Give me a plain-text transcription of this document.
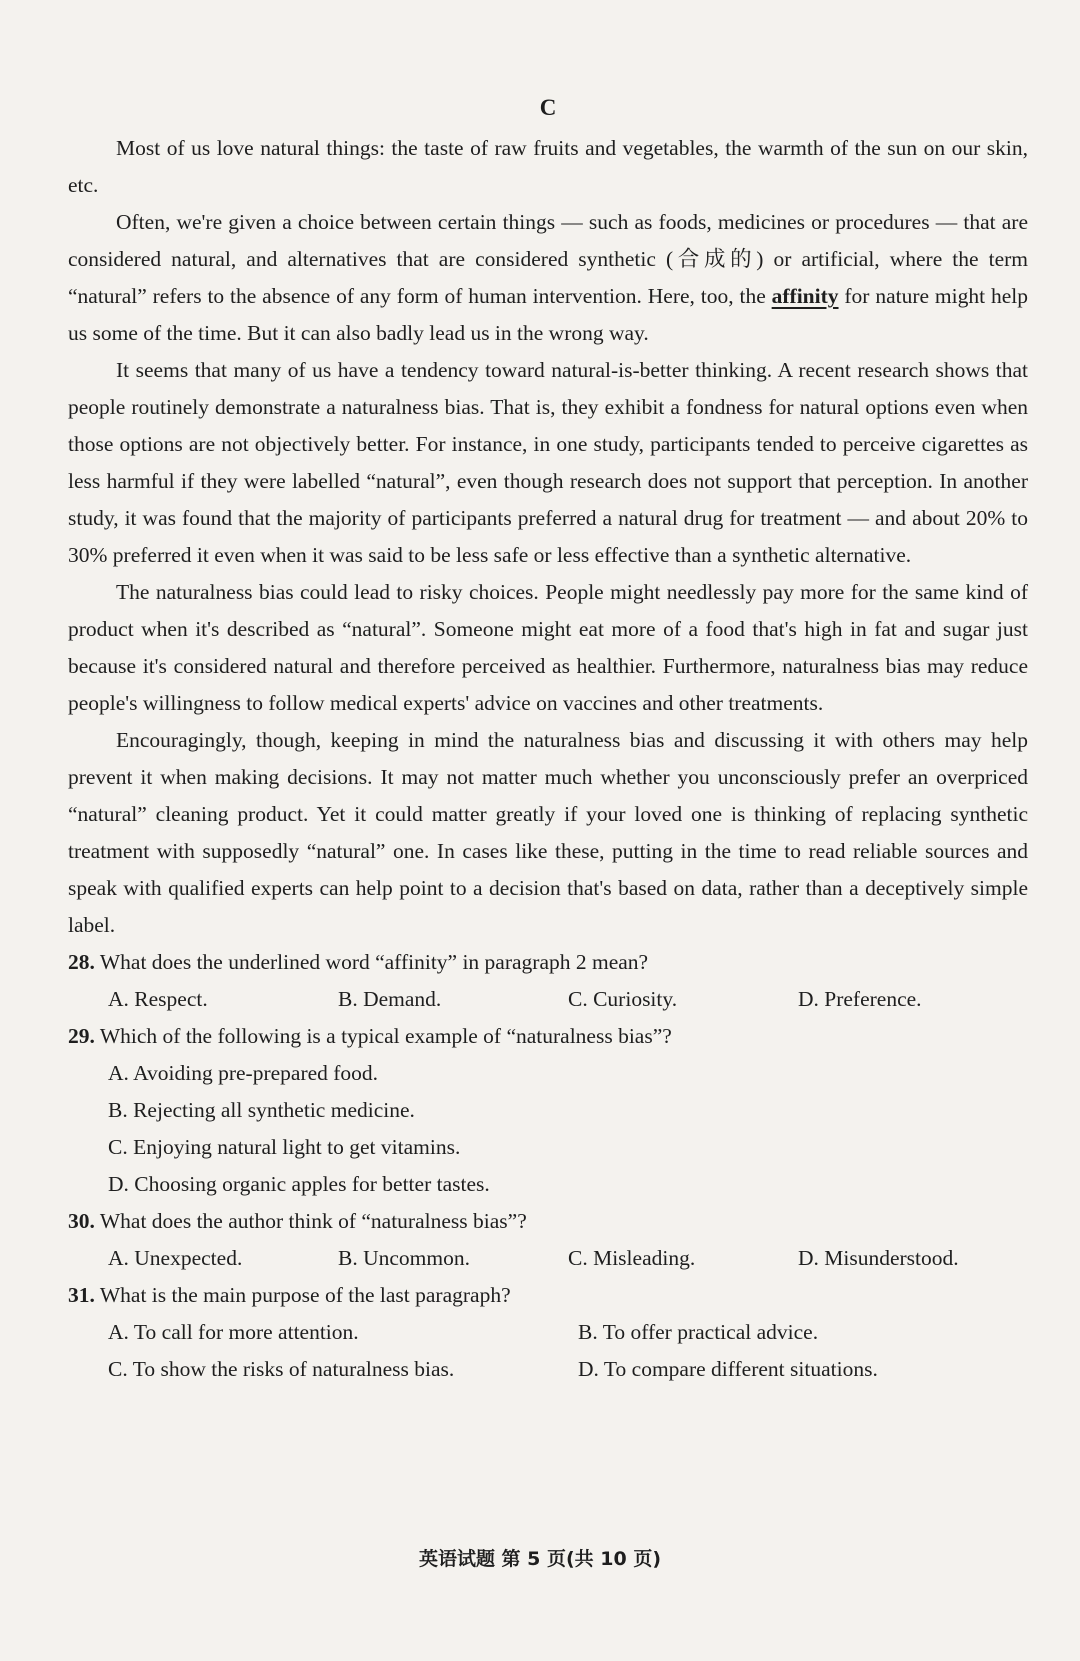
C

Most of us love natural things: the taste of raw fruits and vegetables, the warmth of the sun on our skin, etc.

Often, we're given a choice between certain things — such as foods, medicines or procedures — that are considered natural, and alternatives that are considered synthetic (合成的) or artificial, where the term “natural” refers to the absence of any form of human intervention. Here, too, the affinity for nature might help us some of the time. But it can also badly lead us in the wrong way.

It seems that many of us have a tendency toward natural-is-better thinking. A recent research shows that people routinely demonstrate a naturalness bias. That is, they exhibit a fondness for natural options even when those options are not objectively better. For instance, in one study, participants tended to perceive cigarettes as less harmful if they were labelled “natural”, even though research does not support that perception. In another study, it was found that the majority of participants preferred a natural drug for treatment — and about 20% to 30% preferred it even when it was said to be less safe or less effective than a synthetic alternative.

The naturalness bias could lead to risky choices. People might needlessly pay more for the same kind of product when it's described as “natural”. Someone might eat more of a food that's high in fat and sugar just because it's considered natural and therefore perceived as healthier. Furthermore, naturalness bias may reduce people's willingness to follow medical experts' advice on vaccines and other treatments.

Encouragingly, though, keeping in mind the naturalness bias and discussing it with others may help prevent it when making decisions. It may not matter much whether you unconsciously prefer an overpriced “natural” cleaning product. Yet it could matter greatly if your loved one is thinking of replacing synthetic treatment with supposedly “natural” one. In cases like these, putting in the time to read reliable sources and speak with qualified experts can help point to a decision that's based on data, rather than a deceptively simple label.

28. What does the underlined word “affinity” in paragraph 2 mean?

A. Respect.	B. Demand.	C. Curiosity.	D. Preference.

29. Which of the following is a typical example of “naturalness bias”?

A. Avoiding pre-prepared food.

B. Rejecting all synthetic medicine.

C. Enjoying natural light to get vitamins.

D. Choosing organic apples for better tastes.

30. What does the author think of “naturalness bias”?

A. Unexpected.	B. Uncommon.	C. Misleading.	D. Misunderstood.

31. What is the main purpose of the last paragraph?

A. To call for more attention.	B. To offer practical advice.

C. To show the risks of naturalness bias.	D. To compare different situations.

英语试题 第 5 页(共 10 页)
